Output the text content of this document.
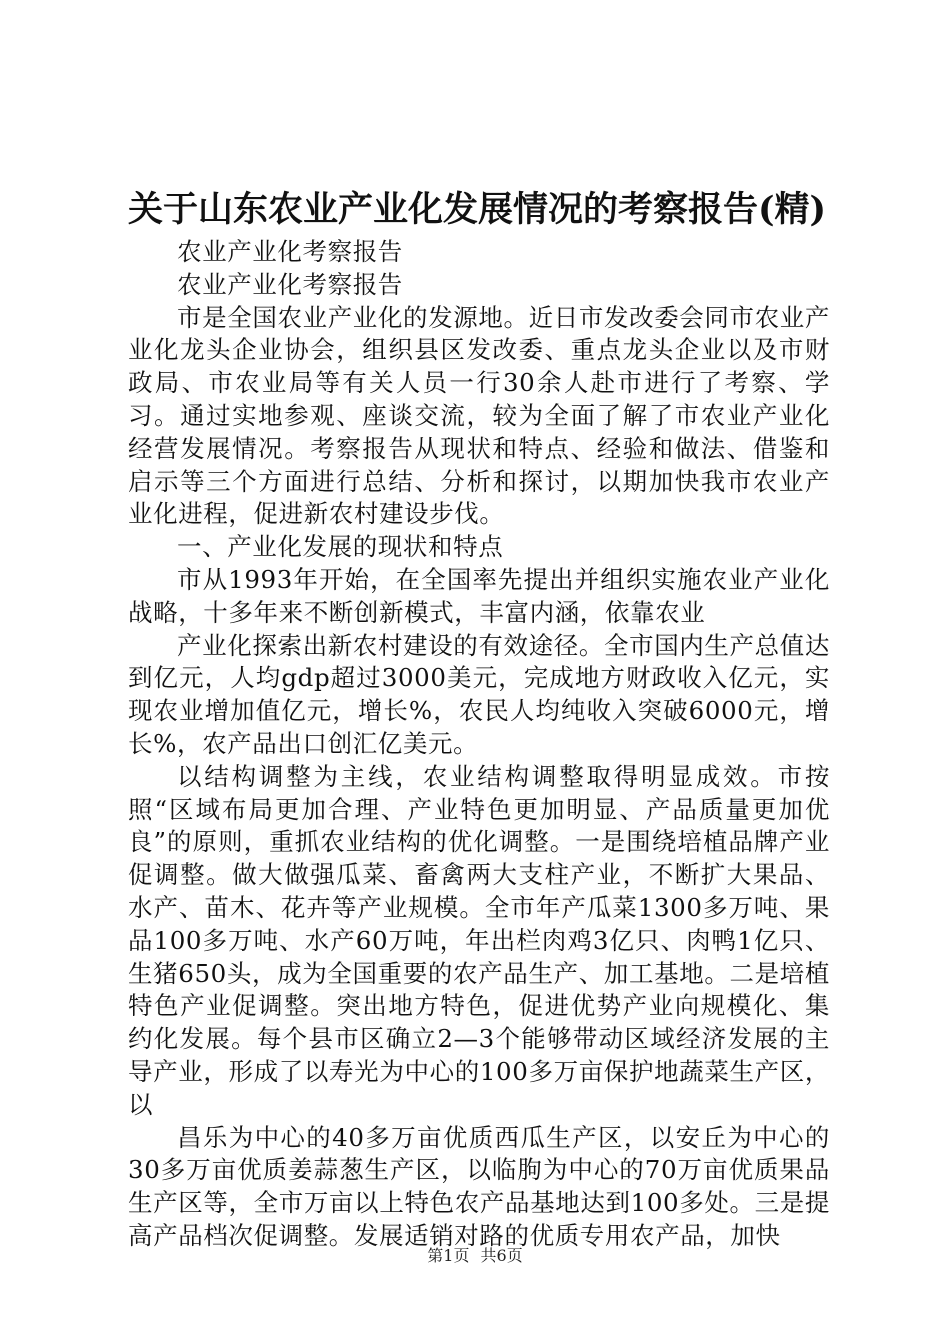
关于山东农业产业化发展情况的考察报告(精)

农业产业化考察报告

农业产业化考察报告

市是全国农业产业化的发源地。近日市发改委会同市农业产业化龙头企业协会，组织县区发改委、重点龙头企业以及市财政局、市农业局等有关人员一行30余人赴市进行了考察、学习。通过实地参观、座谈交流，较为全面了解了市农业产业化经营发展情况。考察报告从现状和特点、经验和做法、借鉴和启示等三个方面进行总结、分析和探讨，以期加快我市农业产业化进程，促进新农村建设步伐。

一、产业化发展的现状和特点

市从1993年开始，在全国率先提出并组织实施农业产业化战略，十多年来不断创新模式，丰富内涵，依靠农业

产业化探索出新农村建设的有效途径。全市国内生产总值达到亿元，人均gdp超过3000美元，完成地方财政收入亿元，实现农业增加值亿元，增长%，农民人均纯收入突破6000元，增长%，农产品出口创汇亿美元。

以结构调整为主线，农业结构调整取得明显成效。市按照“区域布局更加合理、产业特色更加明显、产品质量更加优良”的原则，重抓农业结构的优化调整。一是围绕培植品牌产业促调整。做大做强瓜菜、畜禽两大支柱产业，不断扩大果品、水产、苗木、花卉等产业规模。全市年产瓜菜1300多万吨、果品100多万吨、水产60万吨，年出栏肉鸡3亿只、肉鸭1亿只、生猪650头，成为全国重要的农产品生产、加工基地。二是培植特色产业促调整。突出地方特色，促进优势产业向规模化、集约化发展。每个县市区确立2—3个能够带动区域经济发展的主导产业，形成了以寿光为中心的100多万亩保护地蔬菜生产区，以

昌乐为中心的40多万亩优质西瓜生产区，以安丘为中心的30多万亩优质姜蒜葱生产区，以临朐为中心的70万亩优质果品生产区等，全市万亩以上特色农产品基地达到100多处。三是提高产品档次促调整。发展适销对路的优质专用农产品，加快

第1页 共6页
